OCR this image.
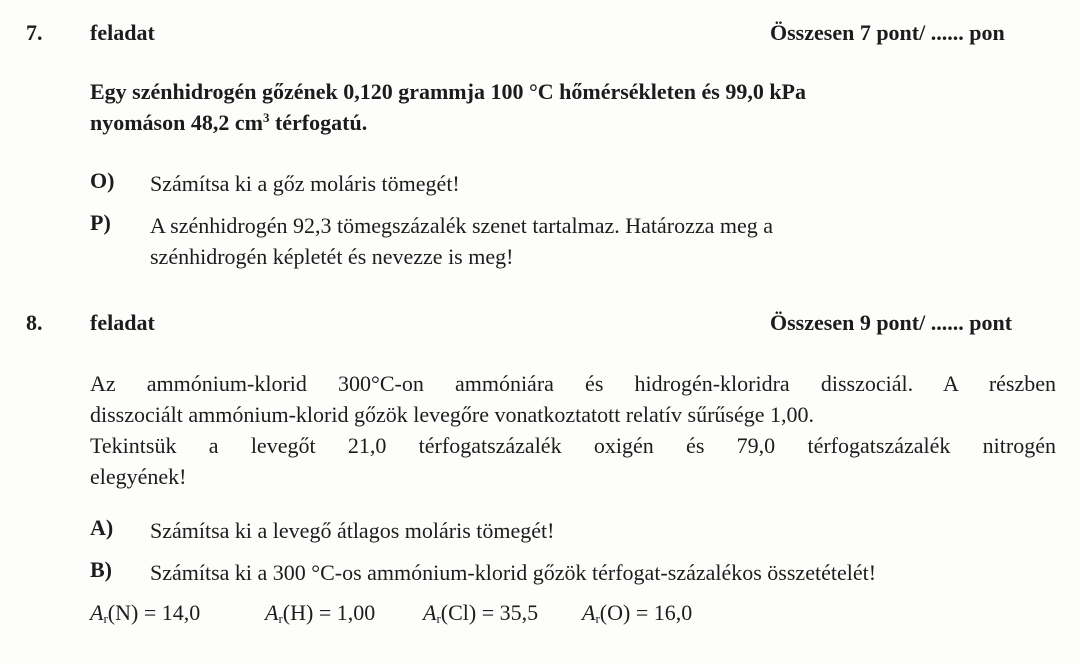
7. feladat	Összesen 7 pont/ ...... pon
Egy szénhidrogén gőzének 0,120 grammja 100 °C hőmérsékleten és 99,0 kPa
nyomáson 48,2 $cm^3$ térfogatú.
O) Számítsa ki a gőz moláris tömegét!
P) A szénhidrogén 92,3 tömegszázalék szenet tartalmaz. Határozza meg a
szénhidrogén képletét és nevezze is meg!
8. feladat	Összesen 9 pont/ ...... pont
Az ammónium-klorid 300°C-on ammóniára és hidrogén-kloridra disszociál. A részben
disszociált ammónium-klorid gőzök levegőre vonatkoztatott relatív sűrűsége 1,00.
Tekintsük a levegőt 21,0 térfogatszázalék oxigén és 79,0 térfogatszázalék nitrogén
elegyének!
A) Számítsa ki a levegő átlagos moláris tömegét!
B) Számítsa ki a 300 °C-os ammónium-klorid gőzök térfogat-százalékos összetételét!
$A_r(N) = 14,0$	$A_r(H) = 1,00$ $A_r(Cl) = 35,5$ $A_r(O) = 16,0$
